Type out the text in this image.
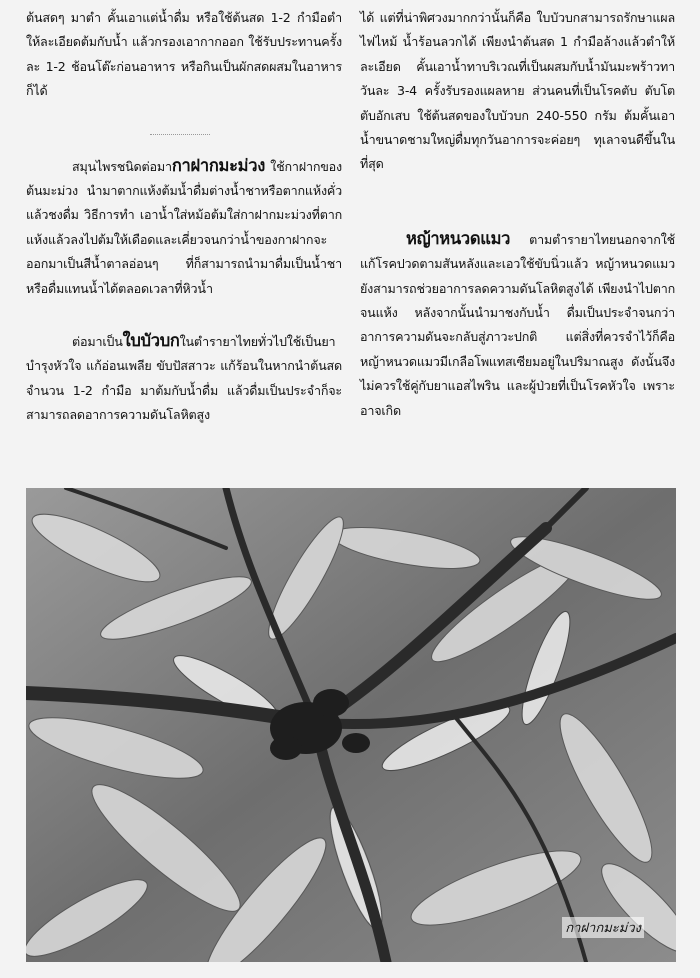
ต้นสดๆ มาตำ คั้นเอาแต่น้ำดื่ม หรือใช้ต้นสด 1-2 กำมือตำให้ละเอียดต้มกับน้ำ แล้วกรองเอากากออก ใช้รับประทานครั้งละ 1-2 ช้อนโต๊ะก่อนอาหาร หรือกินเป็นผักสดผสมในอาหารก็ได้

สมุนไพรชนิดต่อมากาฝากมะม่วง ใช้กาฝากของต้นมะม่วง นำมาตากแห้งต้มน้ำดื่มต่างน้ำชาหรือตากแห้งคั่วแล้วชงดื่ม วิธีการทำ เอาน้ำใส่หม้อต้มใส่กาฝากมะม่วงที่ตากแห้งแล้วลงไปต้มให้เดือดและเคี่ยวจนกว่าน้ำของกาฝากจะออกมาเป็นสีน้ำตาลอ่อนๆ ที่ก็สามารถนำมาดื่มเป็นน้ำชา หรือดื่มแทนน้ำได้ตลอดเวลาที่หิวน้ำ

ต่อมาเป็นใบบัวบกในตำรายาไทยทั่วไปใช้เป็นยาบำรุงหัวใจ แก้อ่อนเพลีย ขับปัสสาวะ แก้ร้อนในหากนำต้นสดจำนวน 1-2 กำมือ มาต้มกับน้ำดื่ม แล้วดื่มเป็นประจำก็จะสามารถลดอาการความดันโลหิตสูง

ได้ แต่ที่น่าพิศวงมากกว่านั้นก็คือ ใบบัวบกสามารถรักษาแผลไฟไหม้ น้ำร้อนลวกได้ เพียงนำต้นสด 1 กำมือล้างแล้วตำให้ละเอียด คั้นเอาน้ำทาบริเวณที่เป็นผสมกับน้ำมันมะพร้าวทาวันละ 3-4 ครั้งรับรองแผลหาย ส่วนคนที่เป็นโรคตับ ตับโต ตับอักเสบ ใช้ต้นสดของใบบัวบก 240-550 กรัม ต้มคั้นเอาน้ำขนาดชามใหญ่ดื่มทุกวันอาการจะค่อยๆ ทุเลาจนดีขึ้นในที่สุด

หญ้าหนวดแมว ตามตำรายาไทยนอกจากใช้แก้โรคปวดตามสันหลังและเอวใช้ขับนิ่วแล้ว หญ้าหนวดแมวยังสามารถช่วยอาการลดความดันโลหิตสูงได้ เพียงนำไปตากจนแห้ง หลังจากนั้นนำมาชงกับน้ำ ดื่มเป็นประจำจนกว่าอาการความดันจะกลับสู่ภาวะปกติ แต่สิ่งที่ควรจำไว้ก็คือหญ้าหนวดแมวมีเกลือโพแทสเซียมอยู่ในปริมาณสูง ดังนั้นจึงไม่ควรใช้คู่กับยาแอสไพริน และผู้ป่วยที่เป็นโรคหัวใจ เพราะอาจเกิด

กาฝากมะม่วง
